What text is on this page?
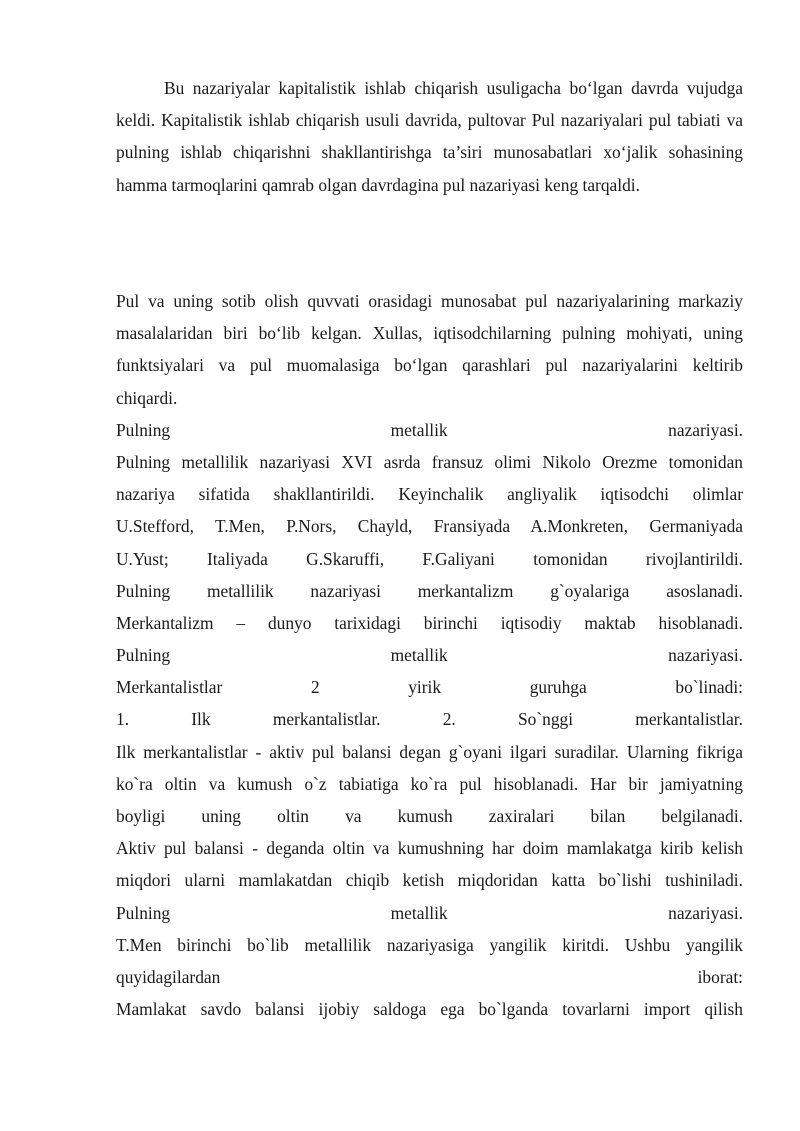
Bu nazariyalar kapitalistik ishlab chiqarish usuligacha bo‘lgan davrda vujudga keldi. Kapitalistik ishlab chiqarish usuli davrida, pultovar Pul nazariyalari pul tabiati va pulning ishlab chiqarishni shakllantirishga ta’siri munosabatlari xo‘jalik sohasining hamma tarmoqlarini qamrab olgan davrdagina pul nazariyasi keng tarqaldi.
Pul va uning sotib olish quvvati orasidagi munosabat pul nazariyalarining markaziy
masalalaridan biri bo‘lib kelgan. Xullas, iqtisodchilarning pulning mohiyati, uning
funktsiyalari va pul muomalasiga bo‘lgan qarashlari pul nazariyalarini keltirib
chiqardi.
Pulning metallik nazariyasi.
Pulning metallilik nazariyasi XVI asrda fransuz olimi Nikolo Orezme tomonidan
nazariya sifatida shakllantirildi. Keyinchalik angliyalik iqtisodchi olimlar
U.Stefford, T.Men, P.Nors, Chayld, Fransiyada A.Monkreten, Germaniyada
U.Yust; Italiyada G.Skaruffi, F.Galiyani tomonidan rivojlantirildi.
Pulning metallilik nazariyasi merkantalizm g`oyalariga asoslanadi.
Merkantalizm – dunyo tarixidagi birinchi iqtisodiy maktab hisoblanadi.
Pulning metallik nazariyasi.
Merkantalistlar 2 yirik guruhga bo`linadi:
1. Ilk merkantalistlar. 2. So`nggi merkantalistlar.
Ilk merkantalistlar - aktiv pul balansi degan g`oyani ilgari suradilar. Ularning fikriga
ko`ra oltin va kumush o`z tabiatiga ko`ra pul hisoblanadi. Har bir jamiyatning
boyligi uning oltin va kumush zaxiralari bilan belgilanadi.
Aktiv pul balansi - deganda oltin va kumushning har doim mamlakatga kirib kelish
miqdori ularni mamlakatdan chiqib ketish miqdoridan katta bo`lishi tushiniladi.
Pulning metallik nazariyasi.
T.Men birinchi bo`lib metallilik nazariyasiga yangilik kiritdi. Ushbu yangilik
quyidagilardan iborat:
Mamlakat savdo balansi ijobiy saldoga ega bo`lganda tovarlarni import qilish
